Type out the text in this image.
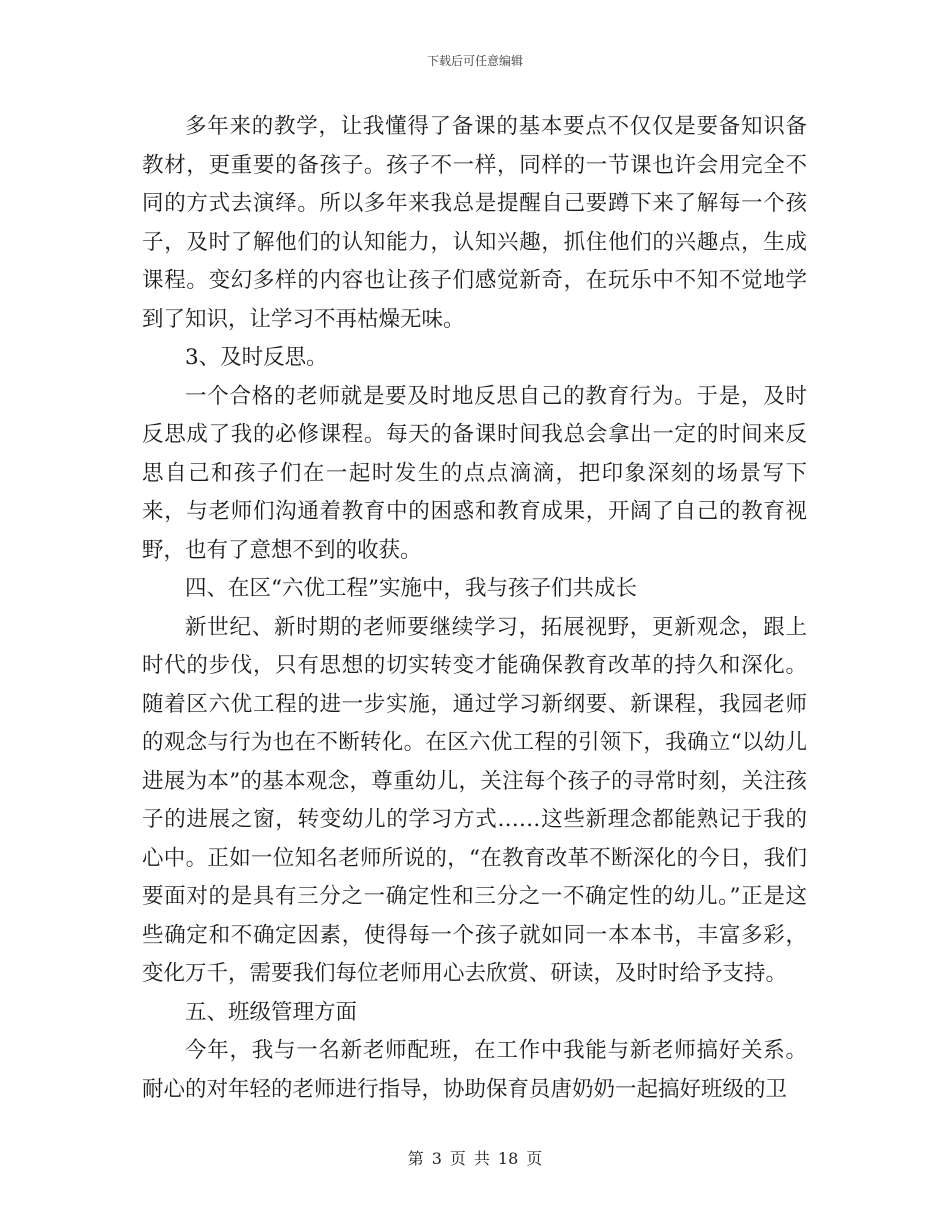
下载后可任意编辑

多年来的教学，让我懂得了备课的基本要点不仅仅是要备知识备教材，更重要的备孩子。孩子不一样，同样的一节课也许会用完全不同的方式去演绎。所以多年来我总是提醒自己要蹲下来了解每一个孩子，及时了解他们的认知能力，认知兴趣，抓住他们的兴趣点，生成课程。变幻多样的内容也让孩子们感觉新奇，在玩乐中不知不觉地学到了知识，让学习不再枯燥无味。

3、及时反思。

一个合格的老师就是要及时地反思自己的教育行为。于是，及时反思成了我的必修课程。每天的备课时间我总会拿出一定的时间来反思自己和孩子们在一起时发生的点点滴滴，把印象深刻的场景写下来，与老师们沟通着教育中的困惑和教育成果，开阔了自己的教育视野，也有了意想不到的收获。

四、在区“六优工程”实施中，我与孩子们共成长

新世纪、新时期的老师要继续学习，拓展视野，更新观念，跟上时代的步伐，只有思想的切实转变才能确保教育改革的持久和深化。随着区六优工程的进一步实施，通过学习新纲要、新课程，我园老师的观念与行为也在不断转化。在区六优工程的引领下，我确立“以幼儿进展为本”的基本观念，尊重幼儿，关注每个孩子的寻常时刻，关注孩子的进展之窗，转变幼儿的学习方式……这些新理念都能熟记于我的心中。正如一位知名老师所说的，“在教育改革不断深化的今日，我们要面对的是具有三分之一确定性和三分之一不确定性的幼儿。”正是这些确定和不确定因素，使得每一个孩子就如同一本本书，丰富多彩，变化万千，需要我们每位老师用心去欣赏、研读，及时时给予支持。

五、班级管理方面

今年，我与一名新老师配班，在工作中我能与新老师搞好关系。耐心的对年轻的老师进行指导，协助保育员唐奶奶一起搞好班级的卫

第 3 页 共 18 页
